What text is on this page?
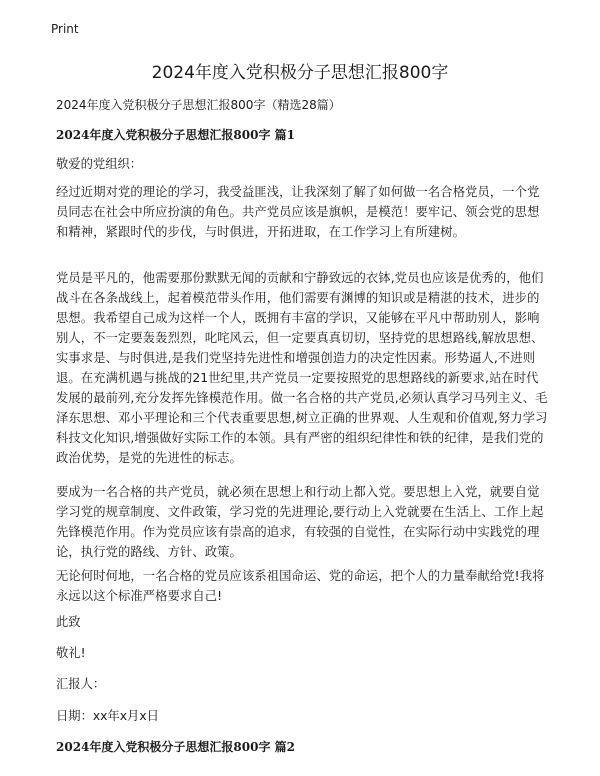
Print
2024年度入党积极分子思想汇报800字
2024年度入党积极分子思想汇报800字（精选28篇）
2024年度入党积极分子思想汇报800字 篇1
敬爱的党组织：

经过近期对党的理论的学习，我受益匪浅，让我深刻了解了如何做一名合格党员，一个党员同志在社会中所应扮演的角色。共产党员应该是旗帜，是模范！要牢记、领会党的思想和精神，紧跟时代的步伐，与时俱进，开拓进取，在工作学习上有所建树。

党员是平凡的，他需要那份默默无闻的贡献和宁静致远的衣钵,党员也应该是优秀的，他们战斗在各条战线上，起着模范带头作用，他们需要有渊博的知识或是精湛的技术，进步的思想。我希望自己成为这样一个人，既拥有丰富的学识，又能够在平凡中帮助别人，影响别人，不一定要轰轰烈烈，叱咤风云，但一定要真真切切，坚持党的思想路线,解放思想、实事求是、与时俱进,是我们党坚持先进性和增强创造力的决定性因素。形势逼人,不进则退。在充满机遇与挑战的21世纪里,共产党员一定要按照党的思想路线的新要求,站在时代发展的最前列,充分发挥先锋模范作用。做一名合格的共产党员,必须认真学习马列主义、毛泽东思想、邓小平理论和三个代表重要思想,树立正确的世界观、人生观和价值观,努力学习科技文化知识,增强做好实际工作的本领。具有严密的组织纪律性和铁的纪律，是我们党的政治优势，是党的先进性的标志。

要成为一名合格的共产党员，就必须在思想上和行动上都入党。要思想上入党，就要自觉学习党的规章制度、文件政策，学习党的先进理论,要行动上入党就要在生活上、工作上起先锋模范作用。作为党员应该有崇高的追求，有较强的自觉性，在实际行动中实践党的理论，执行党的路线、方针、政策。

无论何时何地，一名合格的党员应该系祖国命运、党的命运，把个人的力量奉献给党!我将永远以这个标准严格要求自己!

此致
敬礼!
汇报人：
日期：xx年x月x日
2024年度入党积极分子思想汇报800字 篇2
